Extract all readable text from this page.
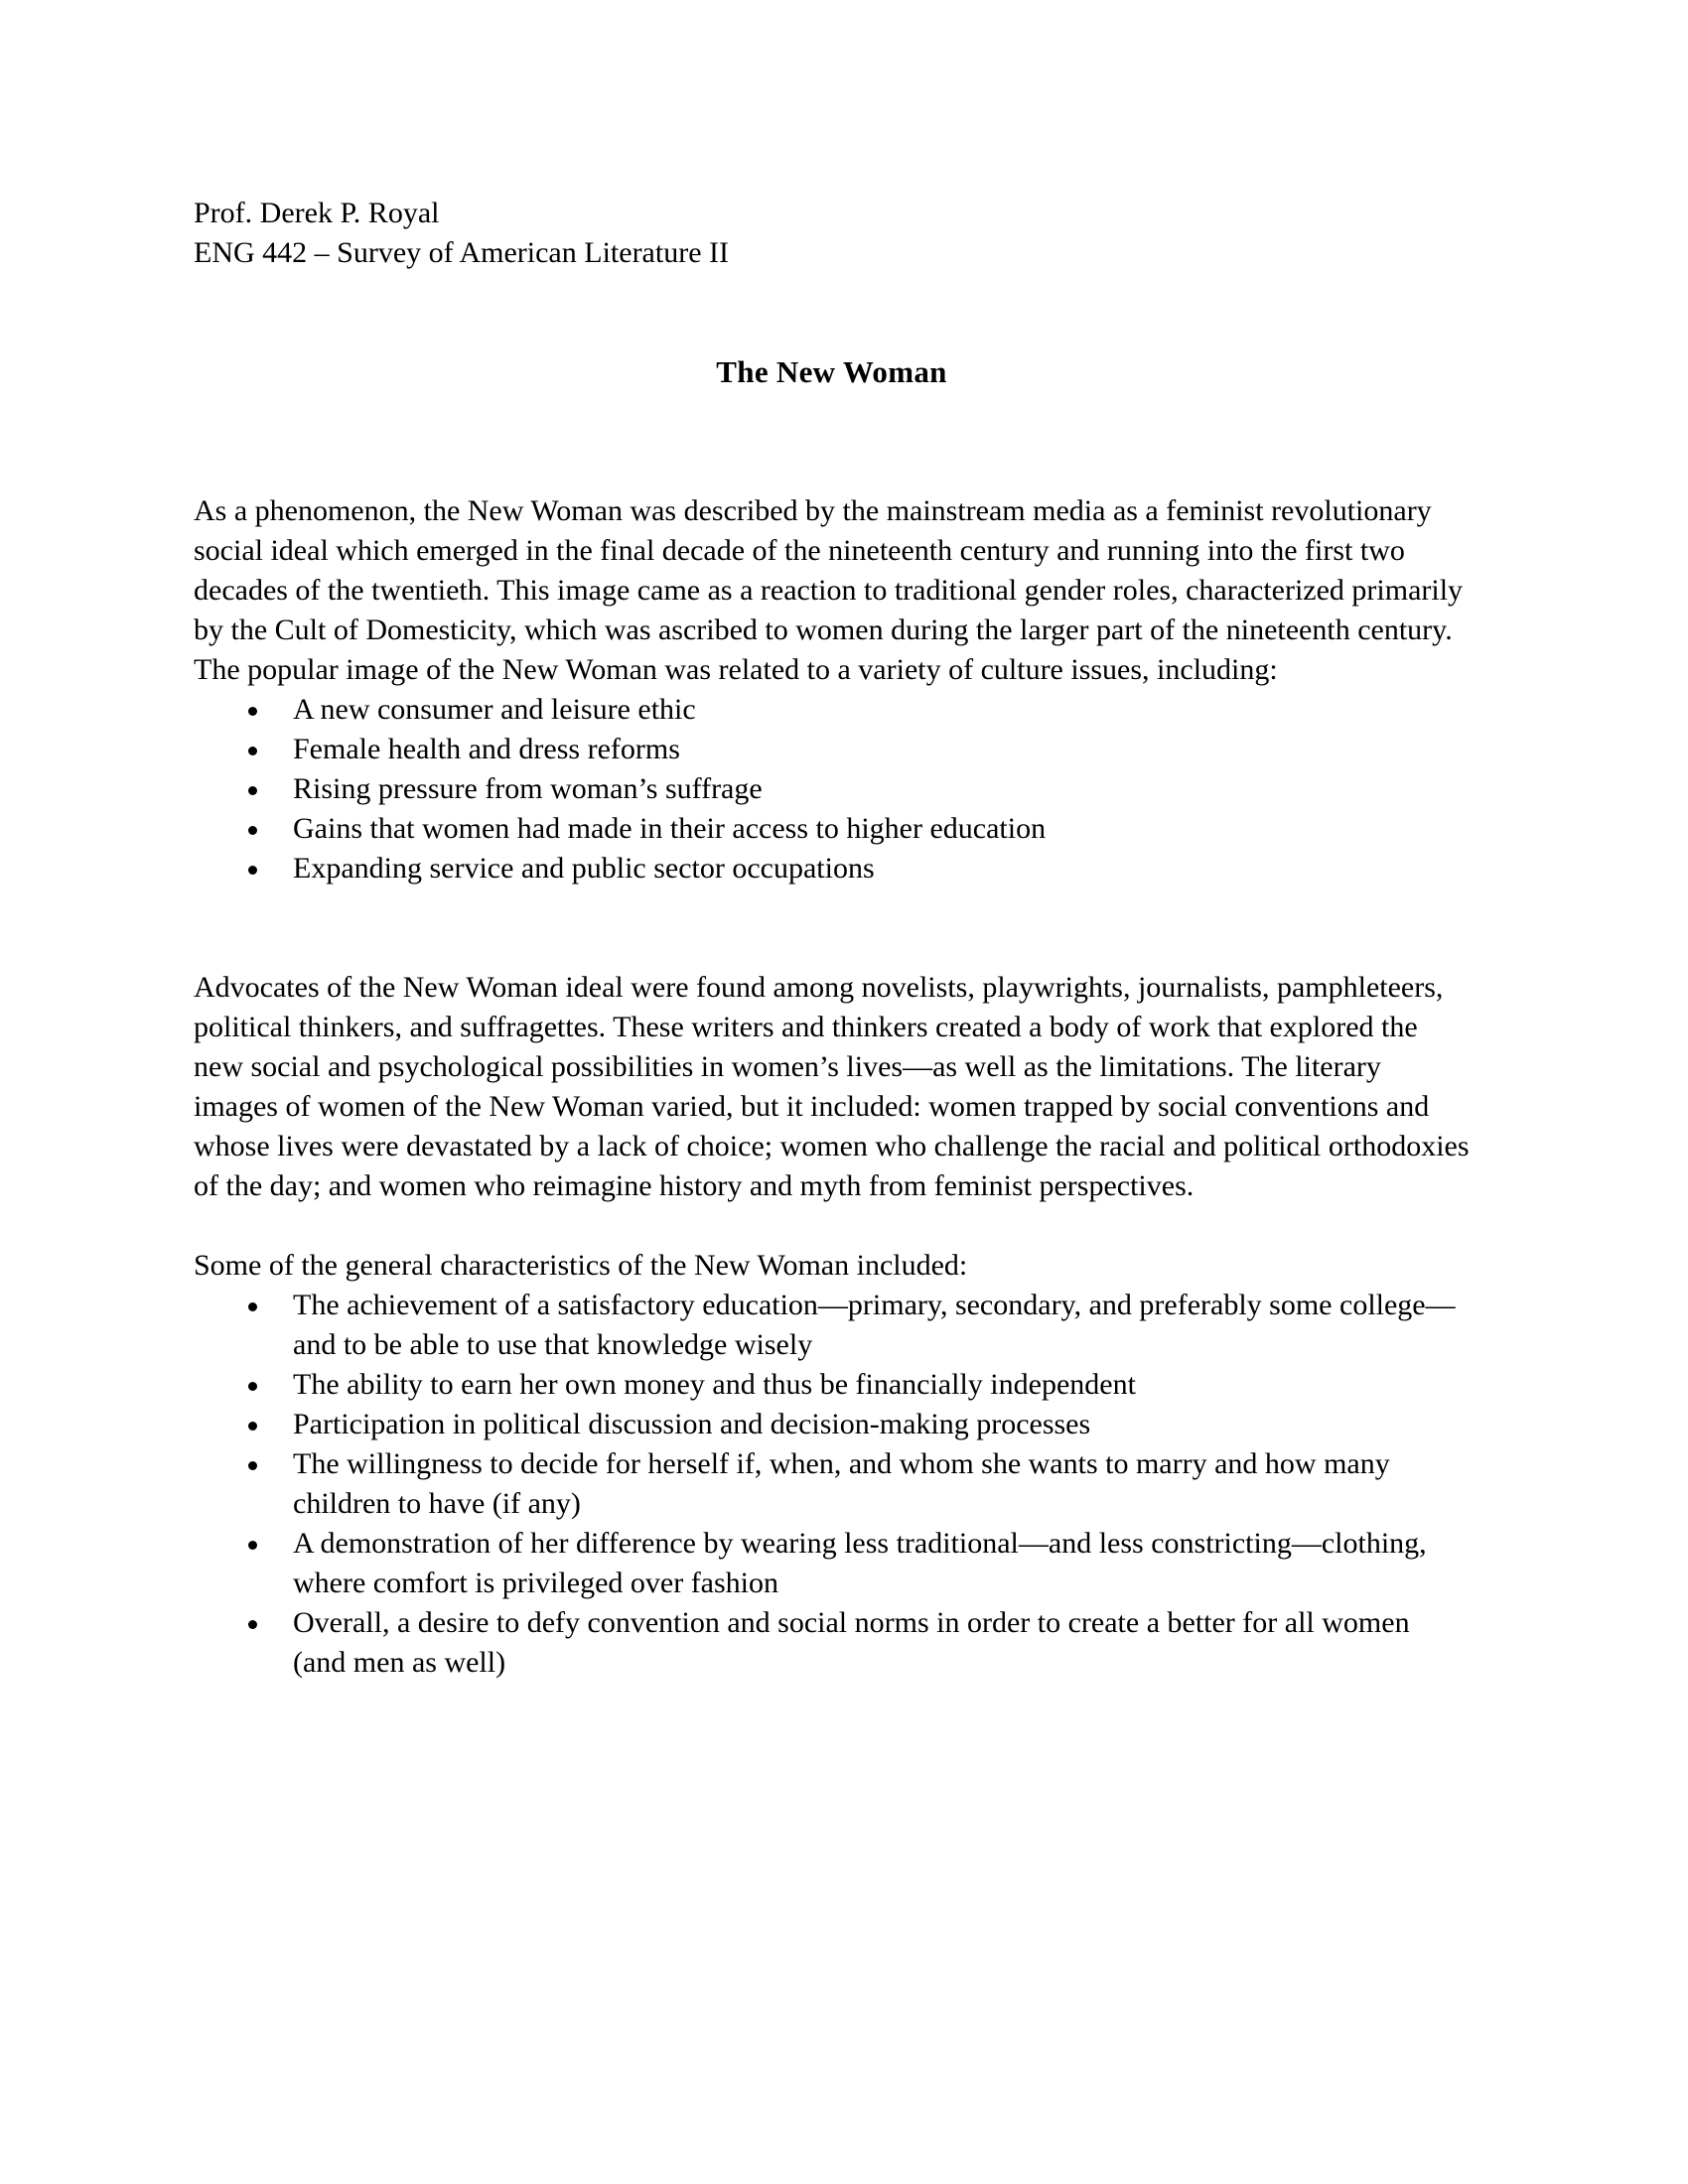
Prof. Derek P. Royal

ENG 442 – Survey of American Literature II

The New Woman

As a phenomenon, the New Woman was described by the mainstream media as a feminist revolutionary social ideal which emerged in the final decade of the nineteenth century and running into the first two decades of the twentieth. This image came as a reaction to traditional gender roles, characterized primarily by the Cult of Domesticity, which was ascribed to women during the larger part of the nineteenth century. The popular image of the New Woman was related to a variety of culture issues, including:

A new consumer and leisure ethic
Female health and dress reforms
Rising pressure from woman’s suffrage
Gains that women had made in their access to higher education
Expanding service and public sector occupations

Advocates of the New Woman ideal were found among novelists, playwrights, journalists, pamphleteers, political thinkers, and suffragettes. These writers and thinkers created a body of work that explored the new social and psychological possibilities in women’s lives—as well as the limitations. The literary images of women of the New Woman varied, but it included: women trapped by social conventions and whose lives were devastated by a lack of choice; women who challenge the racial and political orthodoxies of the day; and women who reimagine history and myth from feminist perspectives.

Some of the general characteristics of the New Woman included:

The achievement of a satisfactory education—primary, secondary, and preferably some college—and to be able to use that knowledge wisely
The ability to earn her own money and thus be financially independent
Participation in political discussion and decision-making processes
The willingness to decide for herself if, when, and whom she wants to marry and how many children to have (if any)
A demonstration of her difference by wearing less traditional—and less constricting—clothing, where comfort is privileged over fashion
Overall, a desire to defy convention and social norms in order to create a better for all women (and men as well)
